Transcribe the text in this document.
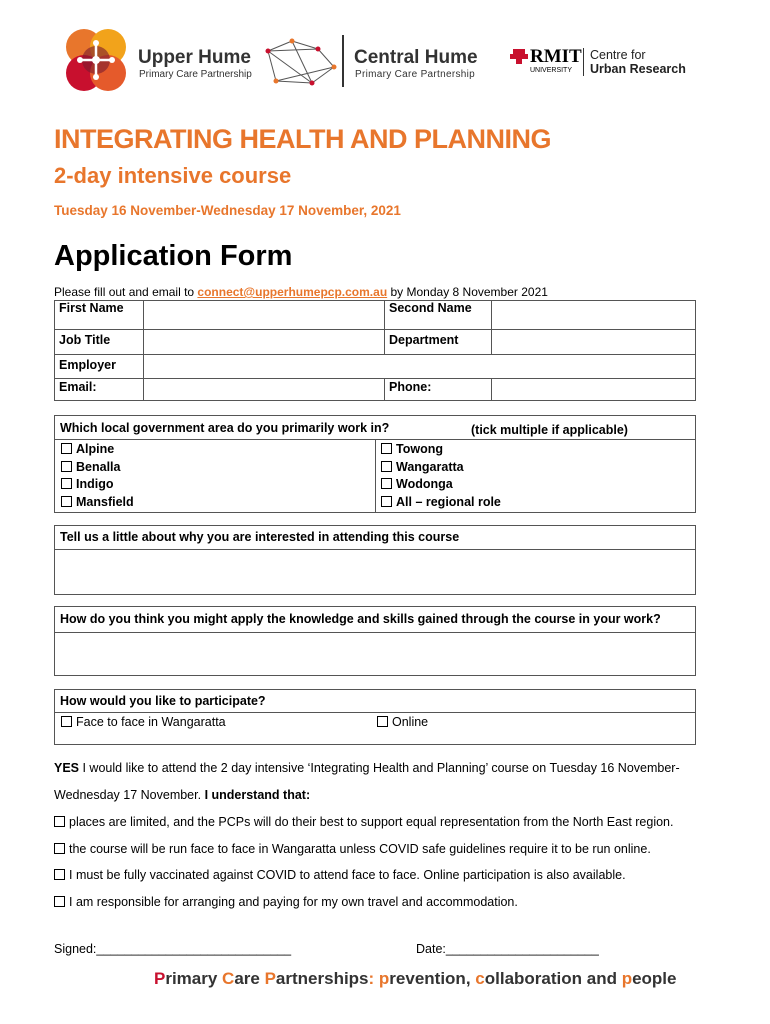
Upper Hume
Primary Care Partnership
Central Hume
Primary Care Partnership
RMIT
UNIVERSITY
Centre for
Urban Research
INTEGRATING HEALTH AND PLANNING
2-day intensive course
Tuesday 16 November-Wednesday 17 November, 2021
Application Form
Please fill out and email to connect@upperhumepcp.com.au by Monday 8 November 2021
First Name		Second Name	
Job Title		Department	
Employer			
Email:		Phone:	
Which local government area do you primarily work in?	(tick multiple if applicable)
Alpine
Benalla
Indigo
Mansfield
Towong
Wangaratta
Wodonga
All – regional role
Tell us a little about why you are interested in attending this course
How do you think you might apply the knowledge and skills gained through the course in your work?
How would you like to participate?
Face to face in Wangaratta	Online
YES I would like to attend the 2 day intensive ‘Integrating Health and Planning’ course on Tuesday 16 November-
Wednesday 17 November. I understand that:
places are limited, and the PCPs will do their best to support equal representation from the North East region.
the course will be run face to face in Wangaratta unless COVID safe guidelines require it to be run online.
I must be fully vaccinated against COVID to attend face to face. Online participation is also available.
I am responsible for arranging and paying for my own travel and accommodation.
Signed:____________________________	Date:______________________
Primary Care Partnerships: prevention, collaboration and people
